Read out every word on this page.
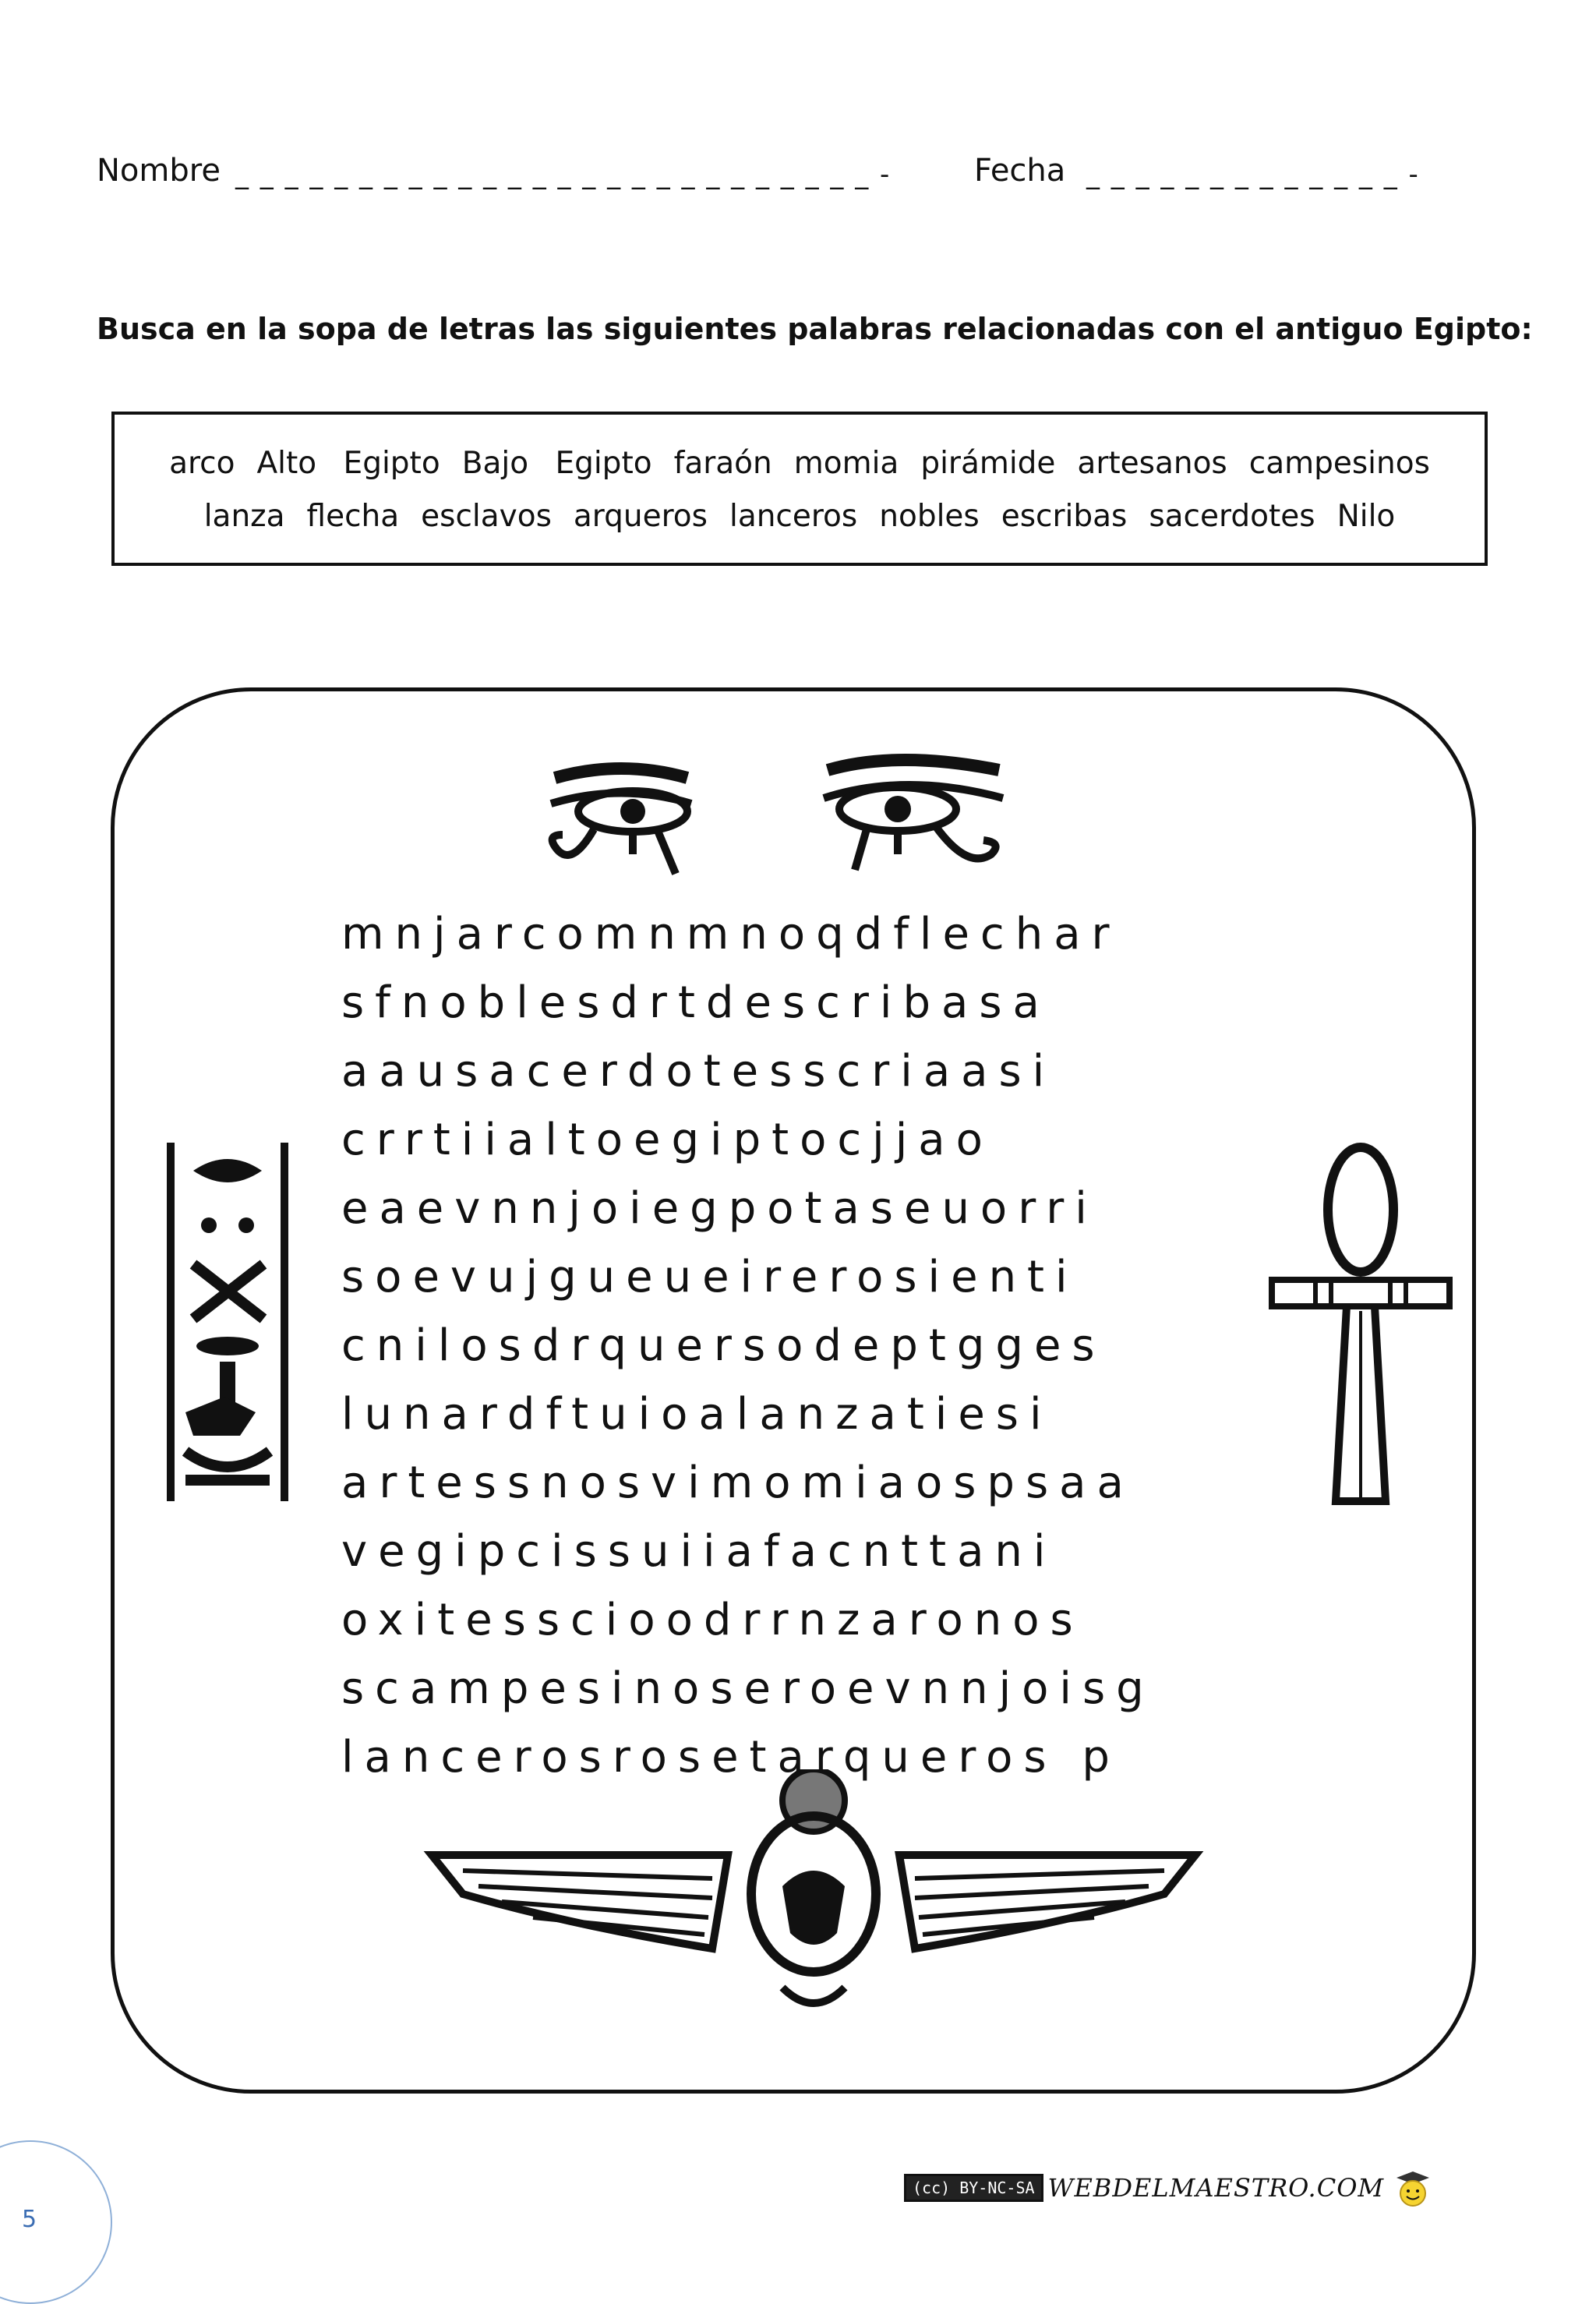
Nombre _ _ _ _ _ _ _ _ _ _ _ _ _ _ _ _ _ _ _ _ _ _ _ _ _ _ -	Fecha _ _ _ _ _ _ _ _ _ _ _ _ _ -
Busca en la sopa de letras las siguientes palabras relacionadas con el antiguo Egipto:
arco Alto Egipto Bajo Egipto faraón momia pirámide artesanos campesinos
lanza flecha esclavos arqueros lanceros nobles escribas sacerdotes Nilo
mnjarcomnmnoqdflechar
sfnoblesdrtdescribasa
aausacerdotesscriaasi
crrtiialtoegiptocjjao
eaevnnjoiegpotaseuorri
soevujgueueirerosienti
cnilosdrquersodeptgges
lunardftuioalanzatiesi
artessnosvimomiaospsaa
vegipcissuiiafacnttani
oxitesscioodrrnzaronos
scampesinoseroevnnjoisg
lancerosrosetarqueros p
5
(cc) BY-NC-SA WEBDELMAESTRO.COM
